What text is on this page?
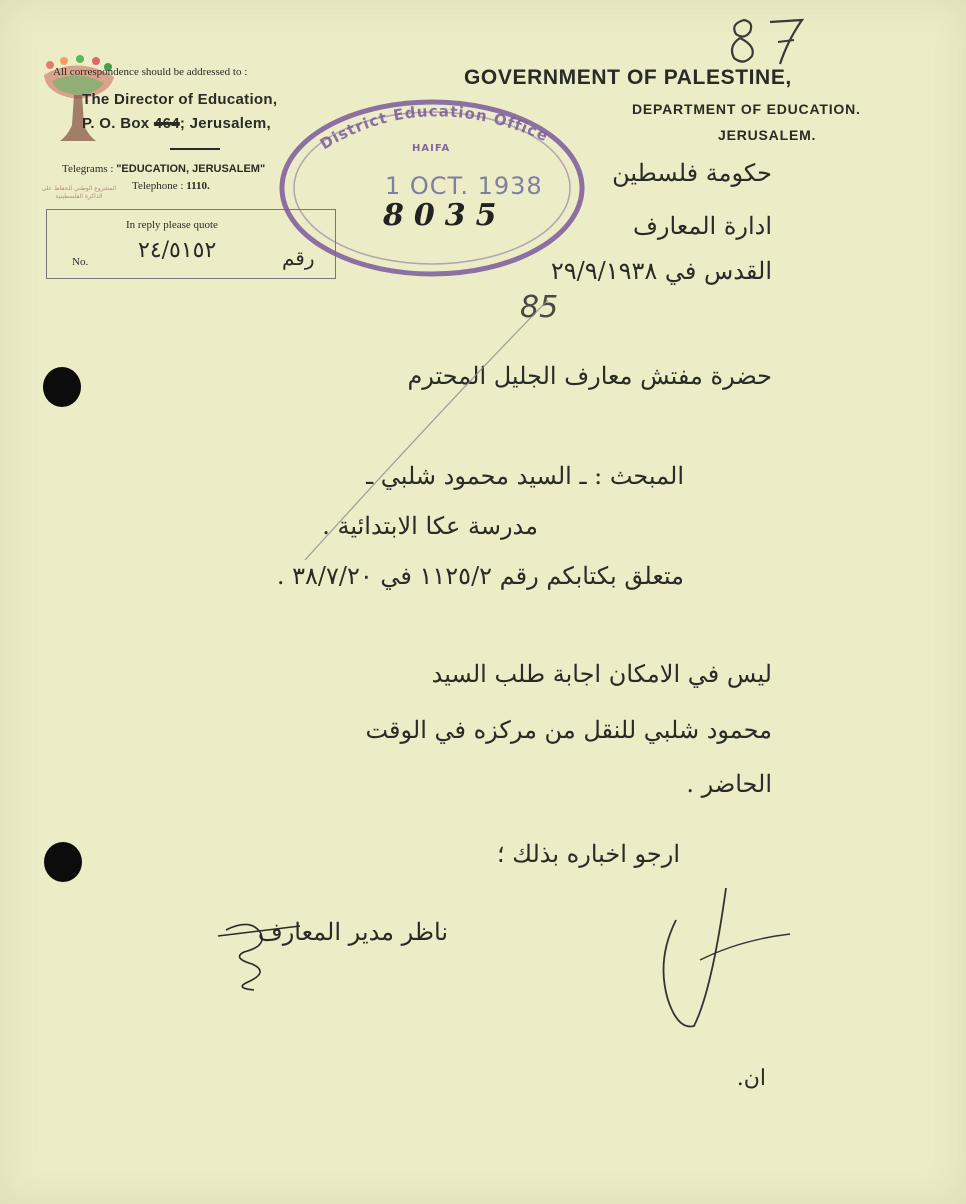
المشروع الوطني للحفاظ على الذاكرة الفلسطينية
All correspondence should be addressed to :
The Director of Education,
P. O. Box 464; Jerusalem,
Telegrams : "EDUCATION, JERUSALEM"
Telephone : 1110.
In reply please quote
No. ٢٤/٥١٥٢	رقم
GOVERNMENT OF PALESTINE,
DEPARTMENT OF EDUCATION.
JERUSALEM.
حكومة فلسطين
ادارة المعارف
القدس في ٢٩/٩/١٩٣٨
District Education Office
HAIFA
1 OCT. 1938
8035
85
حضرة مفتش معارف الجليل المحترم
المبحث : ـ السيد محمود شلبي ـ
مدرسة عكا الابتدائية .
متعلق بكتابكم رقم ١١٢٥/٢ في ٣٨/٧/٢٠ .
ليس في الامكان اجابة طلب السيد
محمود شلبي للنقل من مركزه في الوقت
الحاضر .
ارجو اخباره بذلك ؛
ناظر مدير المعارف
ان.
